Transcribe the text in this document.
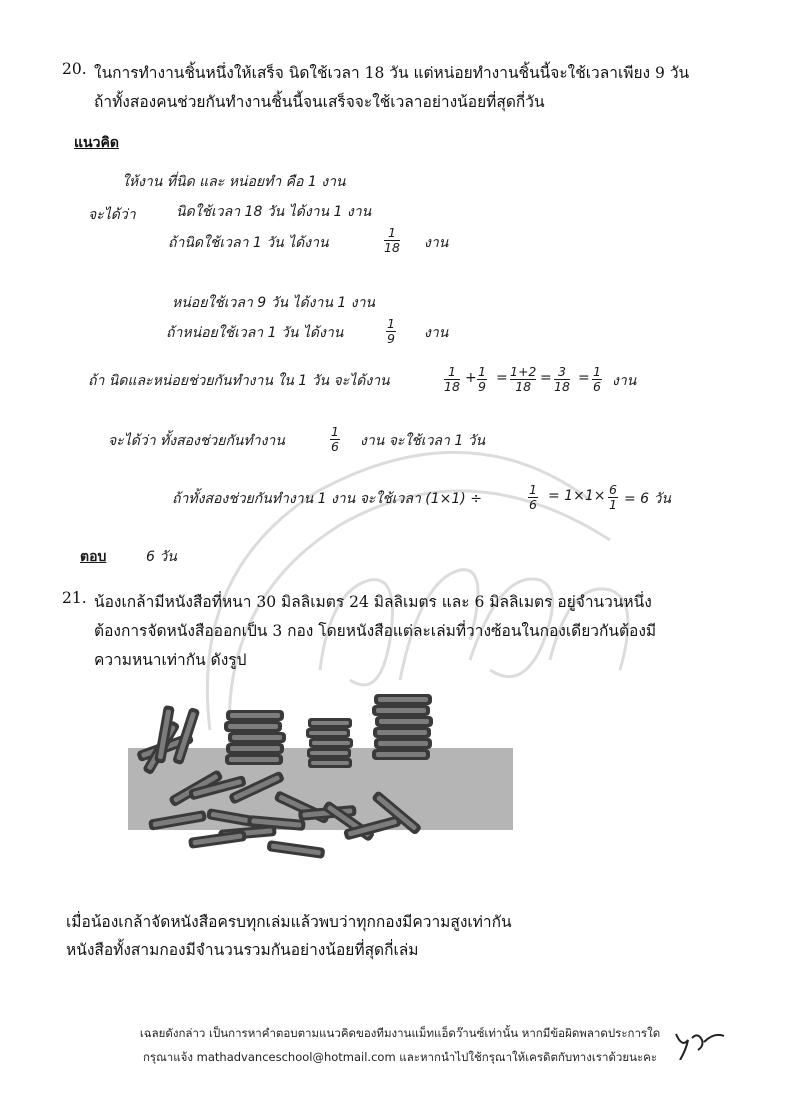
20. ในการทำงานชิ้นหนึ่งให้เสร็จ นิดใช้เวลา 18 วัน แต่หน่อยทำงานชิ้นนี้จะใช้เวลาเพียง 9 วัน
ถ้าทั้งสองคนช่วยกันทำงานชิ้นนี้จนเสร็จจะใช้เวลาอย่างน้อยที่สุดกี่วัน
แนวคิด
ให้งาน ที่นิด และ หน่อยทำ คือ 1 งาน
จะได้ว่า	นิดใช้เวลา 18 วัน ได้งาน 1 งาน
ถ้านิดใช้เวลา 1 วัน ได้งาน
1
18 งาน
หน่อยใช้เวลา 9 วัน ได้งาน 1 งาน
ถ้าหน่อยใช้เวลา 1 วัน ได้งาน
1
9 งาน
ถ้า นิดและหน่อยช่วยกันทำงาน ใน 1 วัน จะได้งาน
1
18
+ 1
9
= 1+2
18
= 3
18
= 1
6 งาน
จะได้ว่า ทั้งสองช่วยกันทำงาน
1
6 งาน จะใช้เวลา 1 วัน
ถ้าทั้งสองช่วยกันทำงาน 1 งาน จะใช้เวลา (1×1) ÷
1
6
= 1×1× 6
1 = 6 วัน
ตอบ	6 วัน
21. น้องเกล้ามีหนังสือที่หนา 30 มิลลิเมตร 24 มิลลิเมตร และ 6 มิลลิเมตร อยู่จำนวนหนึ่ง
ต้องการจัดหนังสือออกเป็น 3 กอง โดยหนังสือแต่ละเล่มที่วางซ้อนในกองเดียวกันต้องมี
ความหนาเท่ากัน ดังรูป
เมื่อน้องเกล้าจัดหนังสือครบทุกเล่มแล้วพบว่าทุกกองมีความสูงเท่ากัน
หนังสือทั้งสามกองมีจำนวนรวมกันอย่างน้อยที่สุดกี่เล่ม
เฉลยดังกล่าว เป็นการหาคำตอบตามแนวคิดของทีมงานแม็ทแอ็ดว๊านซ์เท่านั้น หากมีข้อผิดพลาดประการใด
กรุณาแจ้ง mathadvanceschool@hotmail.com และหากนำไปใช้กรุณาให้เครดิตกับทางเราด้วยนะคะ
